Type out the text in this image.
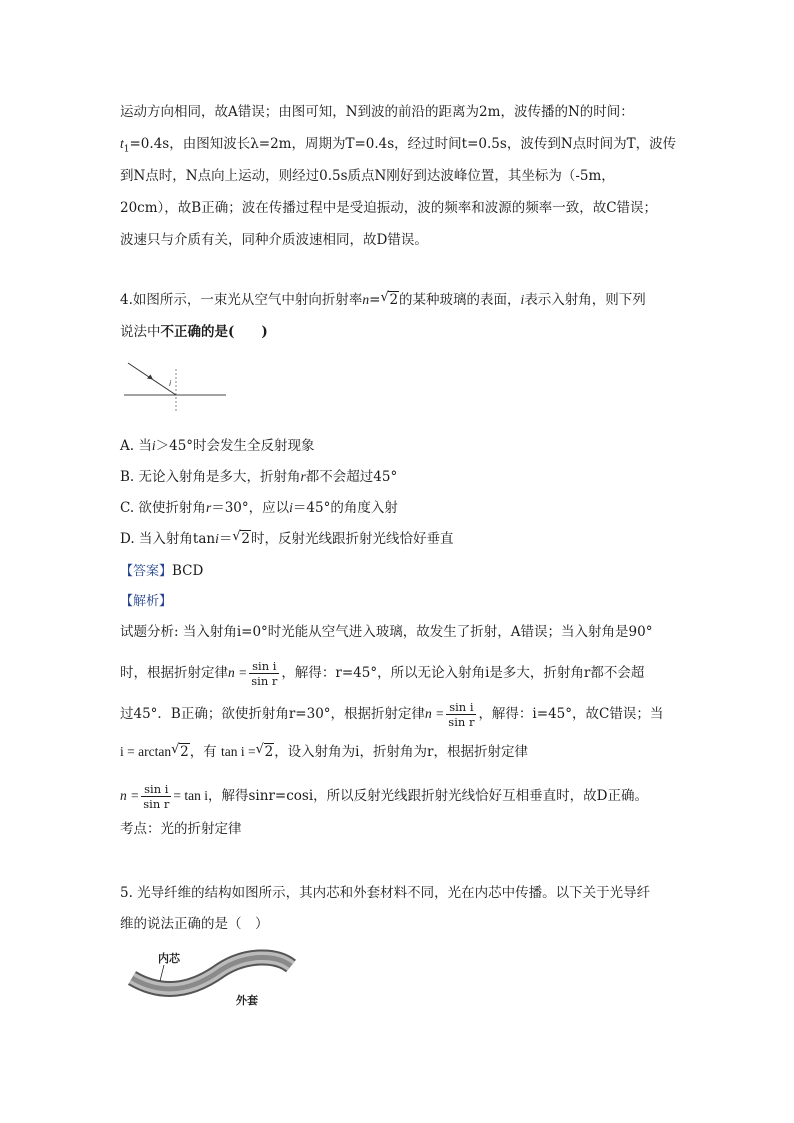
运动方向相同，故A错误；由图可知，N到波的前沿的距离为2m，波传播的N的时间：
$t_1=0.4s$，由图知波长λ=2m，周期为T=0.4s，经过时间t=0.5s，波传到N点时间为T，波传
到N点时，N点向上运动，则经过0.5s质点N刚好到达波峰位置，其坐标为（-5m，
20cm），故B正确；波在传播过程中是受迫振动，波的频率和波源的频率一致，故C错误；
波速只与介质有关，同种介质波速相同，故D错误。
4.如图所示，一束光从空气中射向折射率n= √ 2的某种玻璃的表面，i表示入射角，则下列
说法中不正确的是(　　)
i
A. 当i＞45°时会发生全反射现象
B. 无论入射角是多大，折射角r都不会超过45°
C. 欲使折射角r＝30°，应以i＝45°的角度入射
D. 当入射角tani＝ √ 2时，反射光线跟折射光线恰好垂直
【答案】BCD
【解析】
试题分析: 当入射角i=0°时光能从空气进入玻璃，故发生了折射，A错误；当入射角是90°
时，根据折射定律$n = \frac{\text{sin i}}{\text{sin r}}$ ，解得：r=45°，所以无论入射角i是多大，折射角r都不会超
过45°．B正确；欲使折射角r=30°，根据折射定律$n = \frac{\text{sin i}}{\text{sin r}}$ ，解得：i=45°，故C错误；当
i = arctan √ 2，有 tan i = √ 2，设入射角为i，折射角为r，根据折射定律
$n = \frac{\text{sin i}}{\text{sin r}} = \tan i$，解得sinr=cosi，所以反射光线跟折射光线恰好互相垂直时，故D正确。
考点：光的折射定律
5. 光导纤维的结构如图所示，其内芯和外套材料不同，光在内芯中传播。以下关于光导纤
维的说法正确的是（　）
内芯
外套
